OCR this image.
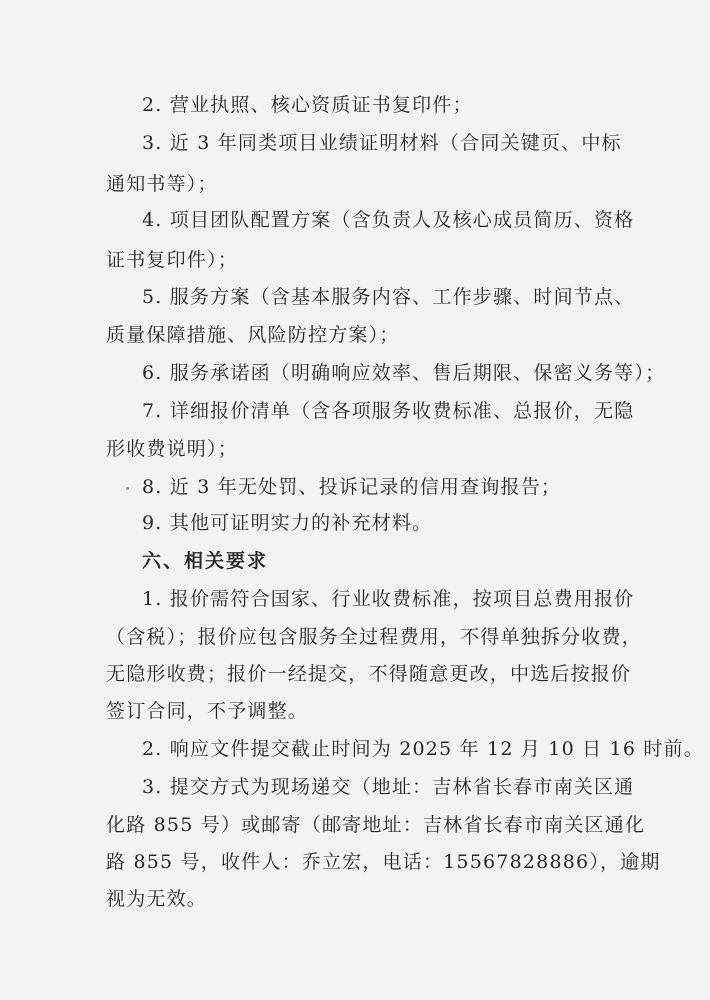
2. 营业执照、核心资质证书复印件；
3. 近 3 年同类项目业绩证明材料（合同关键页、中标
通知书等）；
4. 项目团队配置方案（含负责人及核心成员简历、资格
证书复印件）；
5. 服务方案（含基本服务内容、工作步骤、时间节点、
质量保障措施、风险防控方案）；
6. 服务承诺函（明确响应效率、售后期限、保密义务等）；
7. 详细报价清单（含各项服务收费标准、总报价，无隐
形收费说明）；
8. 近 3 年无处罚、投诉记录的信用查询报告；
9. 其他可证明实力的补充材料。
六、相关要求
1. 报价需符合国家、行业收费标准，按项目总费用报价
（含税）；报价应包含服务全过程费用，不得单独拆分收费，
无隐形收费；报价一经提交，不得随意更改，中选后按报价
签订合同，不予调整。
2. 响应文件提交截止时间为 2025 年 12 月 10 日 16 时前。
3. 提交方式为现场递交（地址：吉林省长春市南关区通
化路 855 号）或邮寄（邮寄地址：吉林省长春市南关区通化
路 855 号，收件人：乔立宏，电话：15567828886），逾期
视为无效。
